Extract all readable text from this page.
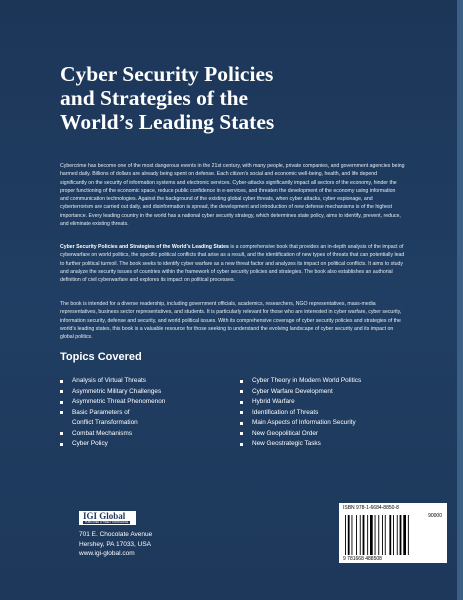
Cyber Security Policies
and Strategies of the
World’s Leading States
Cybercrime has become one of the most dangerous events in the 21st century, with many people, private companies, and government agencies being harmed daily. Billions of dollars are already being spent on defense. Each citizen’s social and economic well-being, health, and life depend significantly on the security of information systems and electronic services. Cyber-attacks significantly impact all sectors of the economy, hinder the proper functioning of the economic space, reduce public confidence in e-services, and threaten the development of the economy using information and communication technologies. Against the background of the existing global cyber threats, when cyber attacks, cyber espionage, and cyberterrorism are carried out daily, and disinformation is spread, the development and introduction of new defense mechanisms is of the highest importance. Every leading country in the world has a national cyber security strategy, which determines state policy, aims to identify, prevent, reduce, and eliminate existing threats.
Cyber Security Policies and Strategies of the World’s Leading States is a comprehensive book that provides an in-depth analysis of the impact of cyberwarfare on world politics, the specific political conflicts that arise as a result, and the identification of new types of threats that can potentially lead to further political turmoil. The book seeks to identify cyber warfare as a new threat factor and analyzes its impact on political conflicts. It aims to study and analyze the security issues of countries within the framework of cyber security policies and strategies. The book also establishes an authorial definition of civil cyberwarfare and explores its impact on political processes.
The book is intended for a diverse readership, including government officials, academics, researchers, NGO representatives, mass-media representatives, business sector representatives, and students. It is particularly relevant for those who are interested in cyber warfare, cyber security, information security, defense and security, and world political issues. With its comprehensive coverage of cyber security policies and strategies of the world’s leading states, this book is a valuable resource for those seeking to understand the evolving landscape of cyber security and its impact on global politics.
Topics Covered
Analysis of Virtual Threats
Asymmetric Military Challenges
Asymmetric Threat Phenomenon
Basic Parameters of
Conflict Transformation
Combat Mechanisms
Cyber Policy
Cyber Theory in Modern World Politics
Cyber Warfare Development
Hybrid Warfare
Identification of Threats
Main Aspects of Information Security
New Geopolitical Order
New Geostrategic Tasks
IGI Global
PUBLISHER of TIMELY KNOWLEDGE
701 E. Chocolate Avenue
Hershey, PA 17033, USA
www.igi-global.com
ISBN 978-1-6684-8850-8
90000
9 781668 488508
